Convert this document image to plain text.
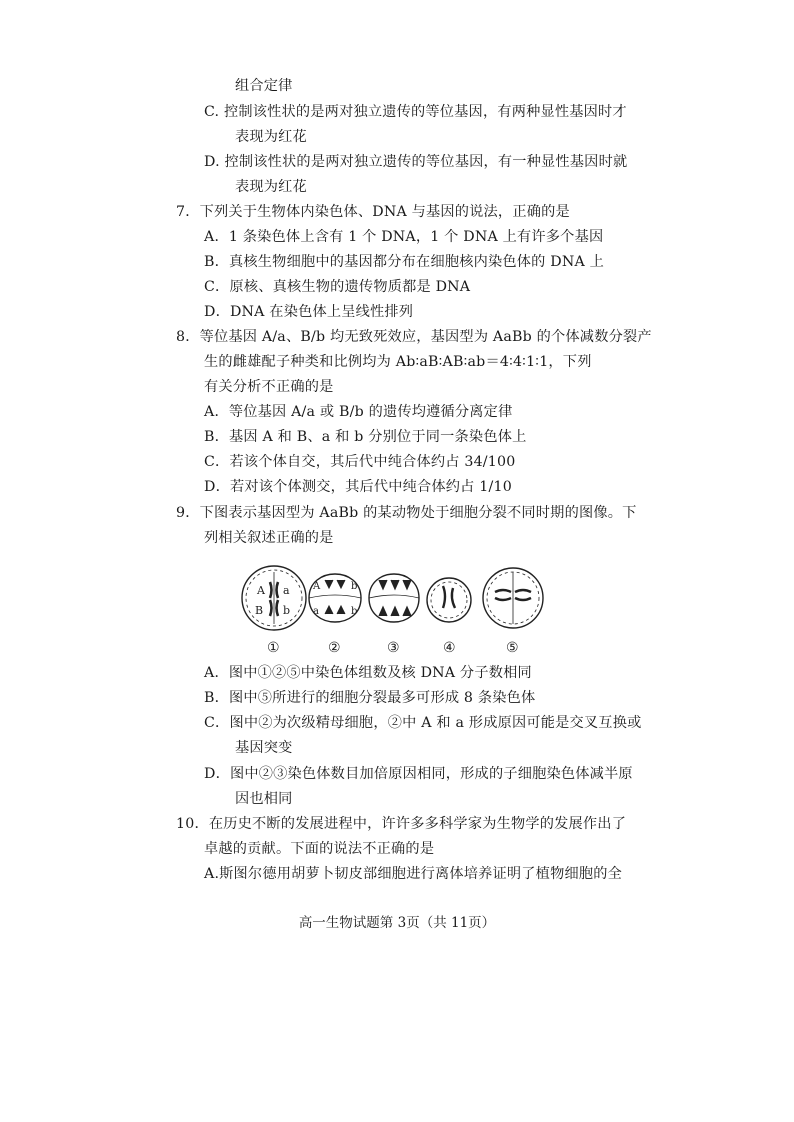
组合定律
C. 控制该性状的是两对独立遗传的等位基因，有两种显性基因时才
表现为红花
D. 控制该性状的是两对独立遗传的等位基因，有一种显性基因时就
表现为红花
7．下列关于生物体内染色体、DNA 与基因的说法，正确的是
A．1 条染色体上含有 1 个 DNA，1 个 DNA 上有许多个基因
B．真核生物细胞中的基因都分布在细胞核内染色体的 DNA 上
C．原核、真核生物的遗传物质都是 DNA
D．DNA 在染色体上呈线性排列
8．等位基因 A/a、B/b 均无致死效应，基因型为 AaBb 的个体减数分裂产
生的雌雄配子种类和比例均为 Ab∶aB∶AB∶ab＝4∶4∶1∶1，下列
有关分析不正确的是
A．等位基因 A/a 或 B/b 的遗传均遵循分离定律
B．基因 A 和 B、a 和 b 分别位于同一条染色体上
C．若该个体自交，其后代中纯合体约占 34/100
D．若对该个体测交，其后代中纯合体约占 1/10
9．下图表示基因型为 AaBb 的某动物处于细胞分裂不同时期的图像。下
列相关叙述正确的是
A a
B b
A	b
a	b
①	②	③	④	⑤
A．图中①②⑤中染色体组数及核 DNA 分子数相同
B．图中⑤所进行的细胞分裂最多可形成 8 条染色体
C．图中②为次级精母细胞，②中 A 和 a 形成原因可能是交叉互换或
基因突变
D．图中②③染色体数目加倍原因相同，形成的子细胞染色体减半原
因也相同
10．在历史不断的发展进程中，许许多多科学家为生物学的发展作出了
卓越的贡献。下面的说法不正确的是
A.斯图尔德用胡萝卜韧皮部细胞进行离体培养证明了植物细胞的全
高一生物试题第 3页（共 11页）
